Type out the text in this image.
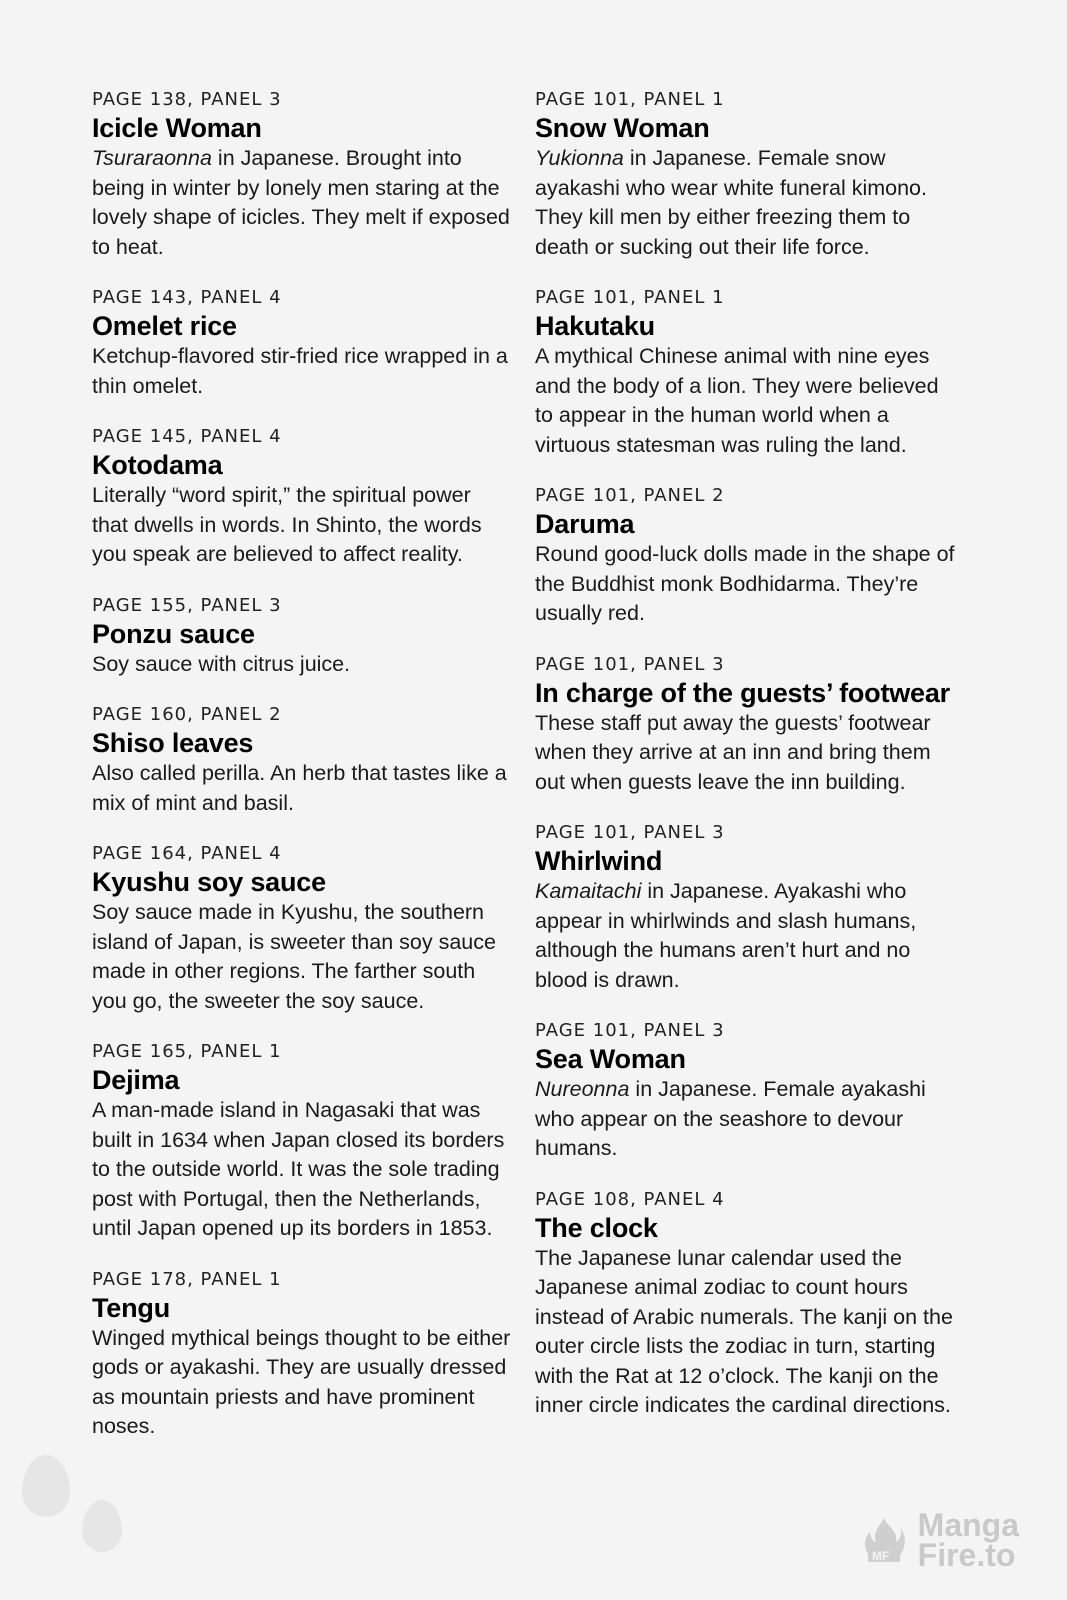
PAGE 138, PANEL 3
Icicle Woman
Tsuraraonna in Japanese. Brought into being in winter by lonely men staring at the lovely shape of icicles. They melt if exposed to heat.
PAGE 143, PANEL 4
Omelet rice
Ketchup-flavored stir-fried rice wrapped in a thin omelet.
PAGE 145, PANEL 4
Kotodama
Literally “word spirit,” the spiritual power that dwells in words. In Shinto, the words you speak are believed to affect reality.
PAGE 155, PANEL 3
Ponzu sauce
Soy sauce with citrus juice.
PAGE 160, PANEL 2
Shiso leaves
Also called perilla. An herb that tastes like a mix of mint and basil.
PAGE 164, PANEL 4
Kyushu soy sauce
Soy sauce made in Kyushu, the southern island of Japan, is sweeter than soy sauce made in other regions. The farther south you go, the sweeter the soy sauce.
PAGE 165, PANEL 1
Dejima
A man-made island in Nagasaki that was built in 1634 when Japan closed its borders to the outside world. It was the sole trading post with Portugal, then the Netherlands, until Japan opened up its borders in 1853.
PAGE 178, PANEL 1
Tengu
Winged mythical beings thought to be either gods or ayakashi. They are usually dressed as mountain priests and have prominent noses.
PAGE 101, PANEL 1
Snow Woman
Yukionna in Japanese. Female snow ayakashi who wear white funeral kimono. They kill men by either freezing them to death or sucking out their life force.
PAGE 101, PANEL 1
Hakutaku
A mythical Chinese animal with nine eyes and the body of a lion. They were believed to appear in the human world when a virtuous statesman was ruling the land.
PAGE 101, PANEL 2
Daruma
Round good-luck dolls made in the shape of the Buddhist monk Bodhidarma. They’re usually red.
PAGE 101, PANEL 3
In charge of the guests’ footwear
These staff put away the guests’ footwear when they arrive at an inn and bring them out when guests leave the inn building.
PAGE 101, PANEL 3
Whirlwind
Kamaitachi in Japanese. Ayakashi who appear in whirlwinds and slash humans, although the humans aren’t hurt and no blood is drawn.
PAGE 101, PANEL 3
Sea Woman
Nureonna in Japanese. Female ayakashi who appear on the seashore to devour humans.
PAGE 108, PANEL 4
The clock
The Japanese lunar calendar used the Japanese animal zodiac to count hours instead of Arabic numerals. The kanji on the outer circle lists the zodiac in turn, starting with the Rat at 12 o’clock. The kanji on the inner circle indicates the cardinal directions.
MF
Manga
Fire.to
